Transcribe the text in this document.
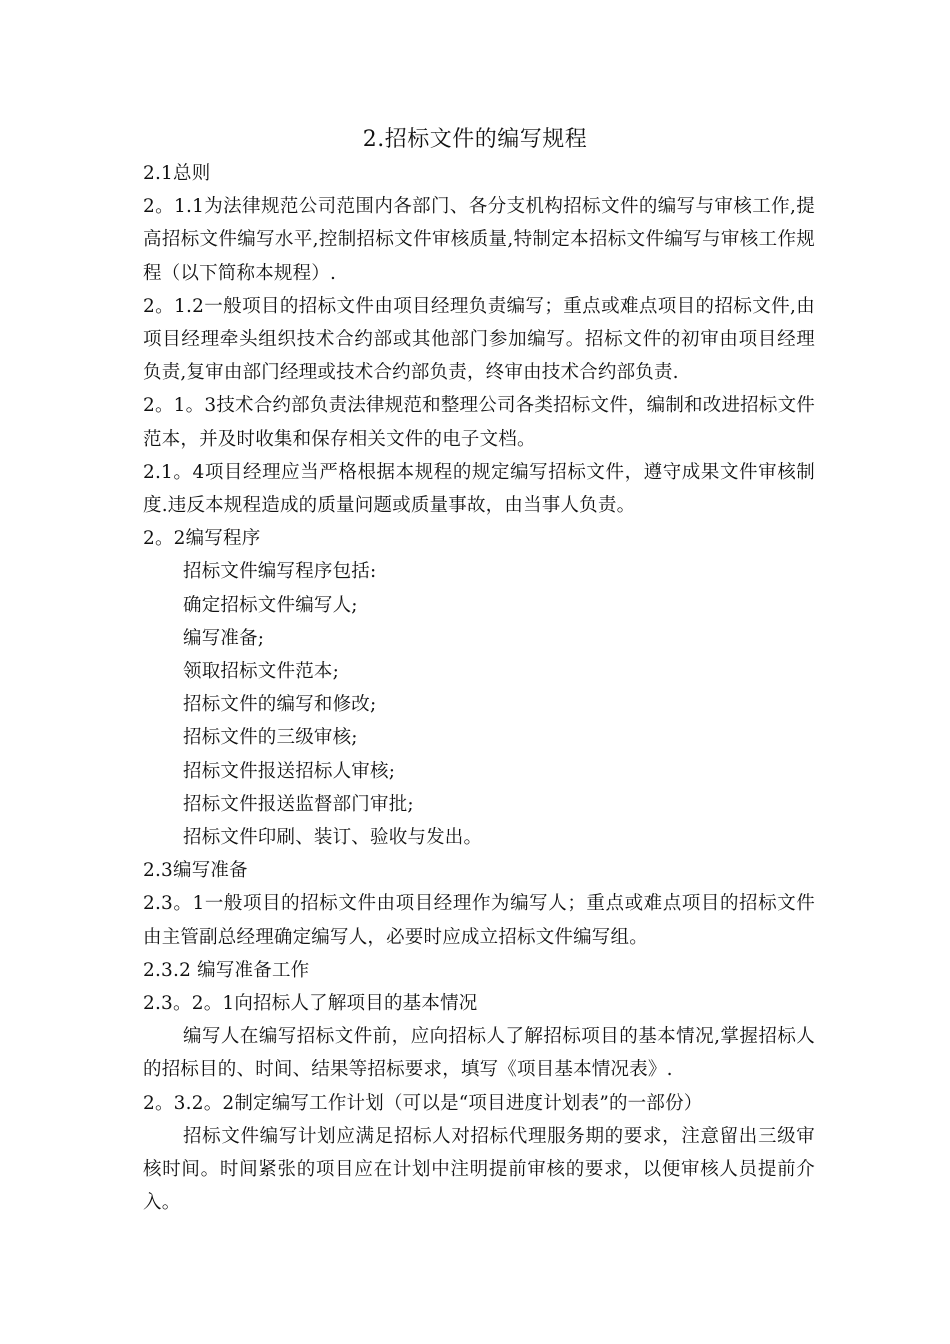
2.招标文件的编写规程
2.1总则
2。1.1为法律规范公司范围内各部门、各分支机构招标文件的编写与审核工作,提高招标文件编写水平,控制招标文件审核质量,特制定本招标文件编写与审核工作规程（以下简称本规程）.
2。1.2一般项目的招标文件由项目经理负责编写；重点或难点项目的招标文件,由项目经理牵头组织技术合约部或其他部门参加编写。招标文件的初审由项目经理负责,复审由部门经理或技术合约部负责，终审由技术合约部负责.
2。1。3技术合约部负责法律规范和整理公司各类招标文件，编制和改进招标文件范本，并及时收集和保存相关文件的电子文档。
2.1。4项目经理应当严格根据本规程的规定编写招标文件，遵守成果文件审核制度.违反本规程造成的质量问题或质量事故，由当事人负责。
2。2编写程序
招标文件编写程序包括:
确定招标文件编写人;
编写准备;
领取招标文件范本;
招标文件的编写和修改;
招标文件的三级审核;
招标文件报送招标人审核;
招标文件报送监督部门审批;
招标文件印刷、装订、验收与发出。
2.3编写准备
2.3。1一般项目的招标文件由项目经理作为编写人；重点或难点项目的招标文件由主管副总经理确定编写人，必要时应成立招标文件编写组。
2.3.2 编写准备工作
2.3。2。1向招标人了解项目的基本情况
编写人在编写招标文件前，应向招标人了解招标项目的基本情况,掌握招标人的招标目的、时间、结果等招标要求，填写《项目基本情况表》.
2。3.2。2制定编写工作计划（可以是“项目进度计划表”的一部份）
招标文件编写计划应满足招标人对招标代理服务期的要求，注意留出三级审核时间。时间紧张的项目应在计划中注明提前审核的要求，以便审核人员提前介入。
